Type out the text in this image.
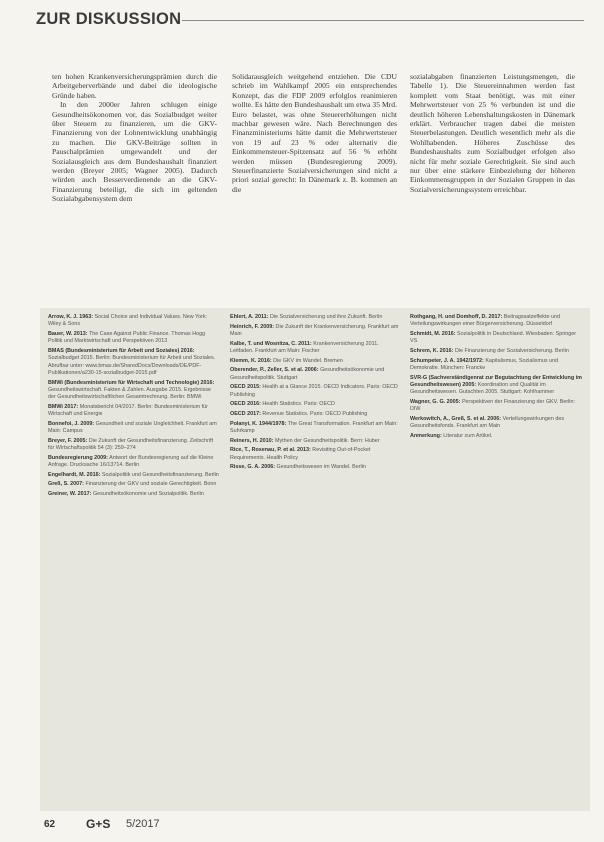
ZUR DISKUSSION

ten hohen Krankenversicherungsprämien durch die Arbeitgeberverbände und dabei die ideologische Gründe haben.

In den 2000er Jahren schlugen einige Gesundheitsökonomen vor, das Sozialbudget weiter über Steuern zu finanzieren, um die GKV-Finanzierung von der Lohnentwicklung unabhängig zu machen. Die GKV-Beiträge sollten in Pauschalprämien umgewandelt und der Sozialausgleich aus dem Bundeshaushalt finanziert werden (Breyer 2005; Wagner 2005). Dadurch würden auch Besserverdienende an die GKV-Finanzierung beteiligt, die sich im geltenden Sozialabgabensystem dem

Solidarausgleich weitgehend entziehen. Die CDU schrieb im Wahlkampf 2005 ein entsprechendes Konzept, das die FDP 2009 erfolglos reanimieren wollte. Es hätte den Bundeshaushalt um etwa 35 Mrd. Euro belastet, was ohne Steuererhöhungen nicht machbar gewesen wäre. Nach Berechnungen des Finanzministeriums hätte damit die Mehrwertsteuer von 19 auf 23 % oder alternativ die Einkommensteuer-Spitzensatz auf 56 % erhöht werden müssen (Bundesregierung 2009). Steuerfinanzierte Sozialversicherungen sind nicht a priori sozial gerecht: In Dänemark z. B. kommen an die

sozialabgaben finanzierten Leistungsmengen, die Tabelle 1). Die Steuereinnahmen werden fast komplett vom Staat benötigt, was mit einer Mehrwertsteuer von 25 % verbunden ist und die deutlich höheren Lebenshaltungskosten in Dänemark erklärt. Verbraucher tragen dabei die meisten Steuerbelastungen. Deutlich wesentlich mehr als die Wohlhabenden. Höheres Zuschüsse des Bundeshaushalts zum Sozialbudget erfolgen also nicht für mehr soziale Gerechtigkeit. Sie sind auch nur über eine stärkere Einbeziehung der höheren Einkommensgruppen in der Sozialen Gruppen in das Sozialversicherungssystem erreichbar.

Arrow, K. J. 1963: Social Choice and Individual Values. New York: Wiley & Sons
Bauer, W. 2013: The Case Against Public Finance. Thomas Hogg Politik und Marktwirtschaft und Perspektiven 2013
BMAS (Bundesministerium für Arbeit und Soziales) 2016: Sozialbudget 2015. Berlin: Bundesministerium für Arbeit und Soziales. Abrufbar unter: www.bmas.de/SharedDocs/Downloads/DE/PDF-Publikationen/a230-15-sozialbudget-2015.pdf
BMWi (Bundesministerium für Wirtschaft und Technologie) 2016: Gesundheitswirtschaft. Fakten & Zahlen. Ausgabe 2015. Ergebnisse der Gesundheitswirtschaftlichen Gesamtrechnung. Berlin: BMWi
BMWi 2017: Monatsbericht 04/2017. Berlin: Bundesministerium für Wirtschaft und Energie
Bonnefoi, J. 2009: Gesundheit und soziale Ungleichheit. Frankfurt am Main: Campus
Breyer, F. 2005: Die Zukunft der Gesundheitsfinanzierung. Zeitschrift für Wirtschaftspolitik 54 (3): 259–274
Bundesregierung 2009: Antwort der Bundesregierung auf die Kleine Anfrage. Drucksache 16/13714. Berlin
Engelhardt, M. 2016: Sozialpolitik und Gesundheitsfinanzierung. Berlin
Greß, S. 2007: Finanzierung der GKV und soziale Gerechtigkeit. Bonn
Greiner, W. 2017: Gesundheitsökonomie und Sozialpolitik. Berlin
Ehlert, A. 2011: Die Sozialversicherung und ihre Zukunft. Berlin
Heinrich, F. 2009: Die Zukunft der Krankenversicherung. Frankfurt am Main
Kalbe, T. und Wosnitza, C. 2011: Krankenversicherung 2011. Leitfaden. Frankfurt am Main: Fischer
Klemm, K. 2016: Die GKV im Wandel. Bremen
Oberender, P., Zeller, S. et al. 2006: Gesundheitsökonomie und Gesundheitspolitik. Stuttgart
OECD 2015: Health at a Glance 2015. OECD Indicators. Paris: OECD Publishing
OECD 2016: Health Statistics. Paris: OECD
OECD 2017: Revenue Statistics. Paris: OECD Publishing
Polanyi, K. 1944/1978: The Great Transformation. Frankfurt am Main: Suhrkamp
Reiners, H. 2010: Mythen der Gesundheitspolitik. Bern: Huber
Rice, T., Rosenau, P. et al. 2013: Revisiting Out-of-Pocket Requirements. Health Policy
Risse, G. A. 2006: Gesundheitswesen im Wandel. Berlin
Rothgang, H. und Domhoff, D. 2017: Beitragssatzeffekte und Verteilungswirkungen einer Bürgerversicherung. Düsseldorf
Schmidt, M. 2016: Sozialpolitik in Deutschland. Wiesbaden: Springer VS
Schrem, K. 2016: Die Finanzierung der Sozialversicherung. Berlin
Schumpeter, J. A. 1942/1972: Kapitalismus, Sozialismus und Demokratie. München: Francke
SVR-G (Sachverständigenrat zur Begutachtung der Entwicklung im Gesundheitswesen) 2005: Koordination und Qualität im Gesundheitswesen. Gutachten 2005. Stuttgart: Kohlhammer
Wagner, G. G. 2005: Perspektiven der Finanzierung der GKV. Berlin: DIW
Werkowitch, A., Greß, S. et al. 2006: Verteilungswirkungen des Gesundheitsfonds. Frankfurt am Main
Anmerkung: Literatur zum Artikel.
62	G+S 5/2017
